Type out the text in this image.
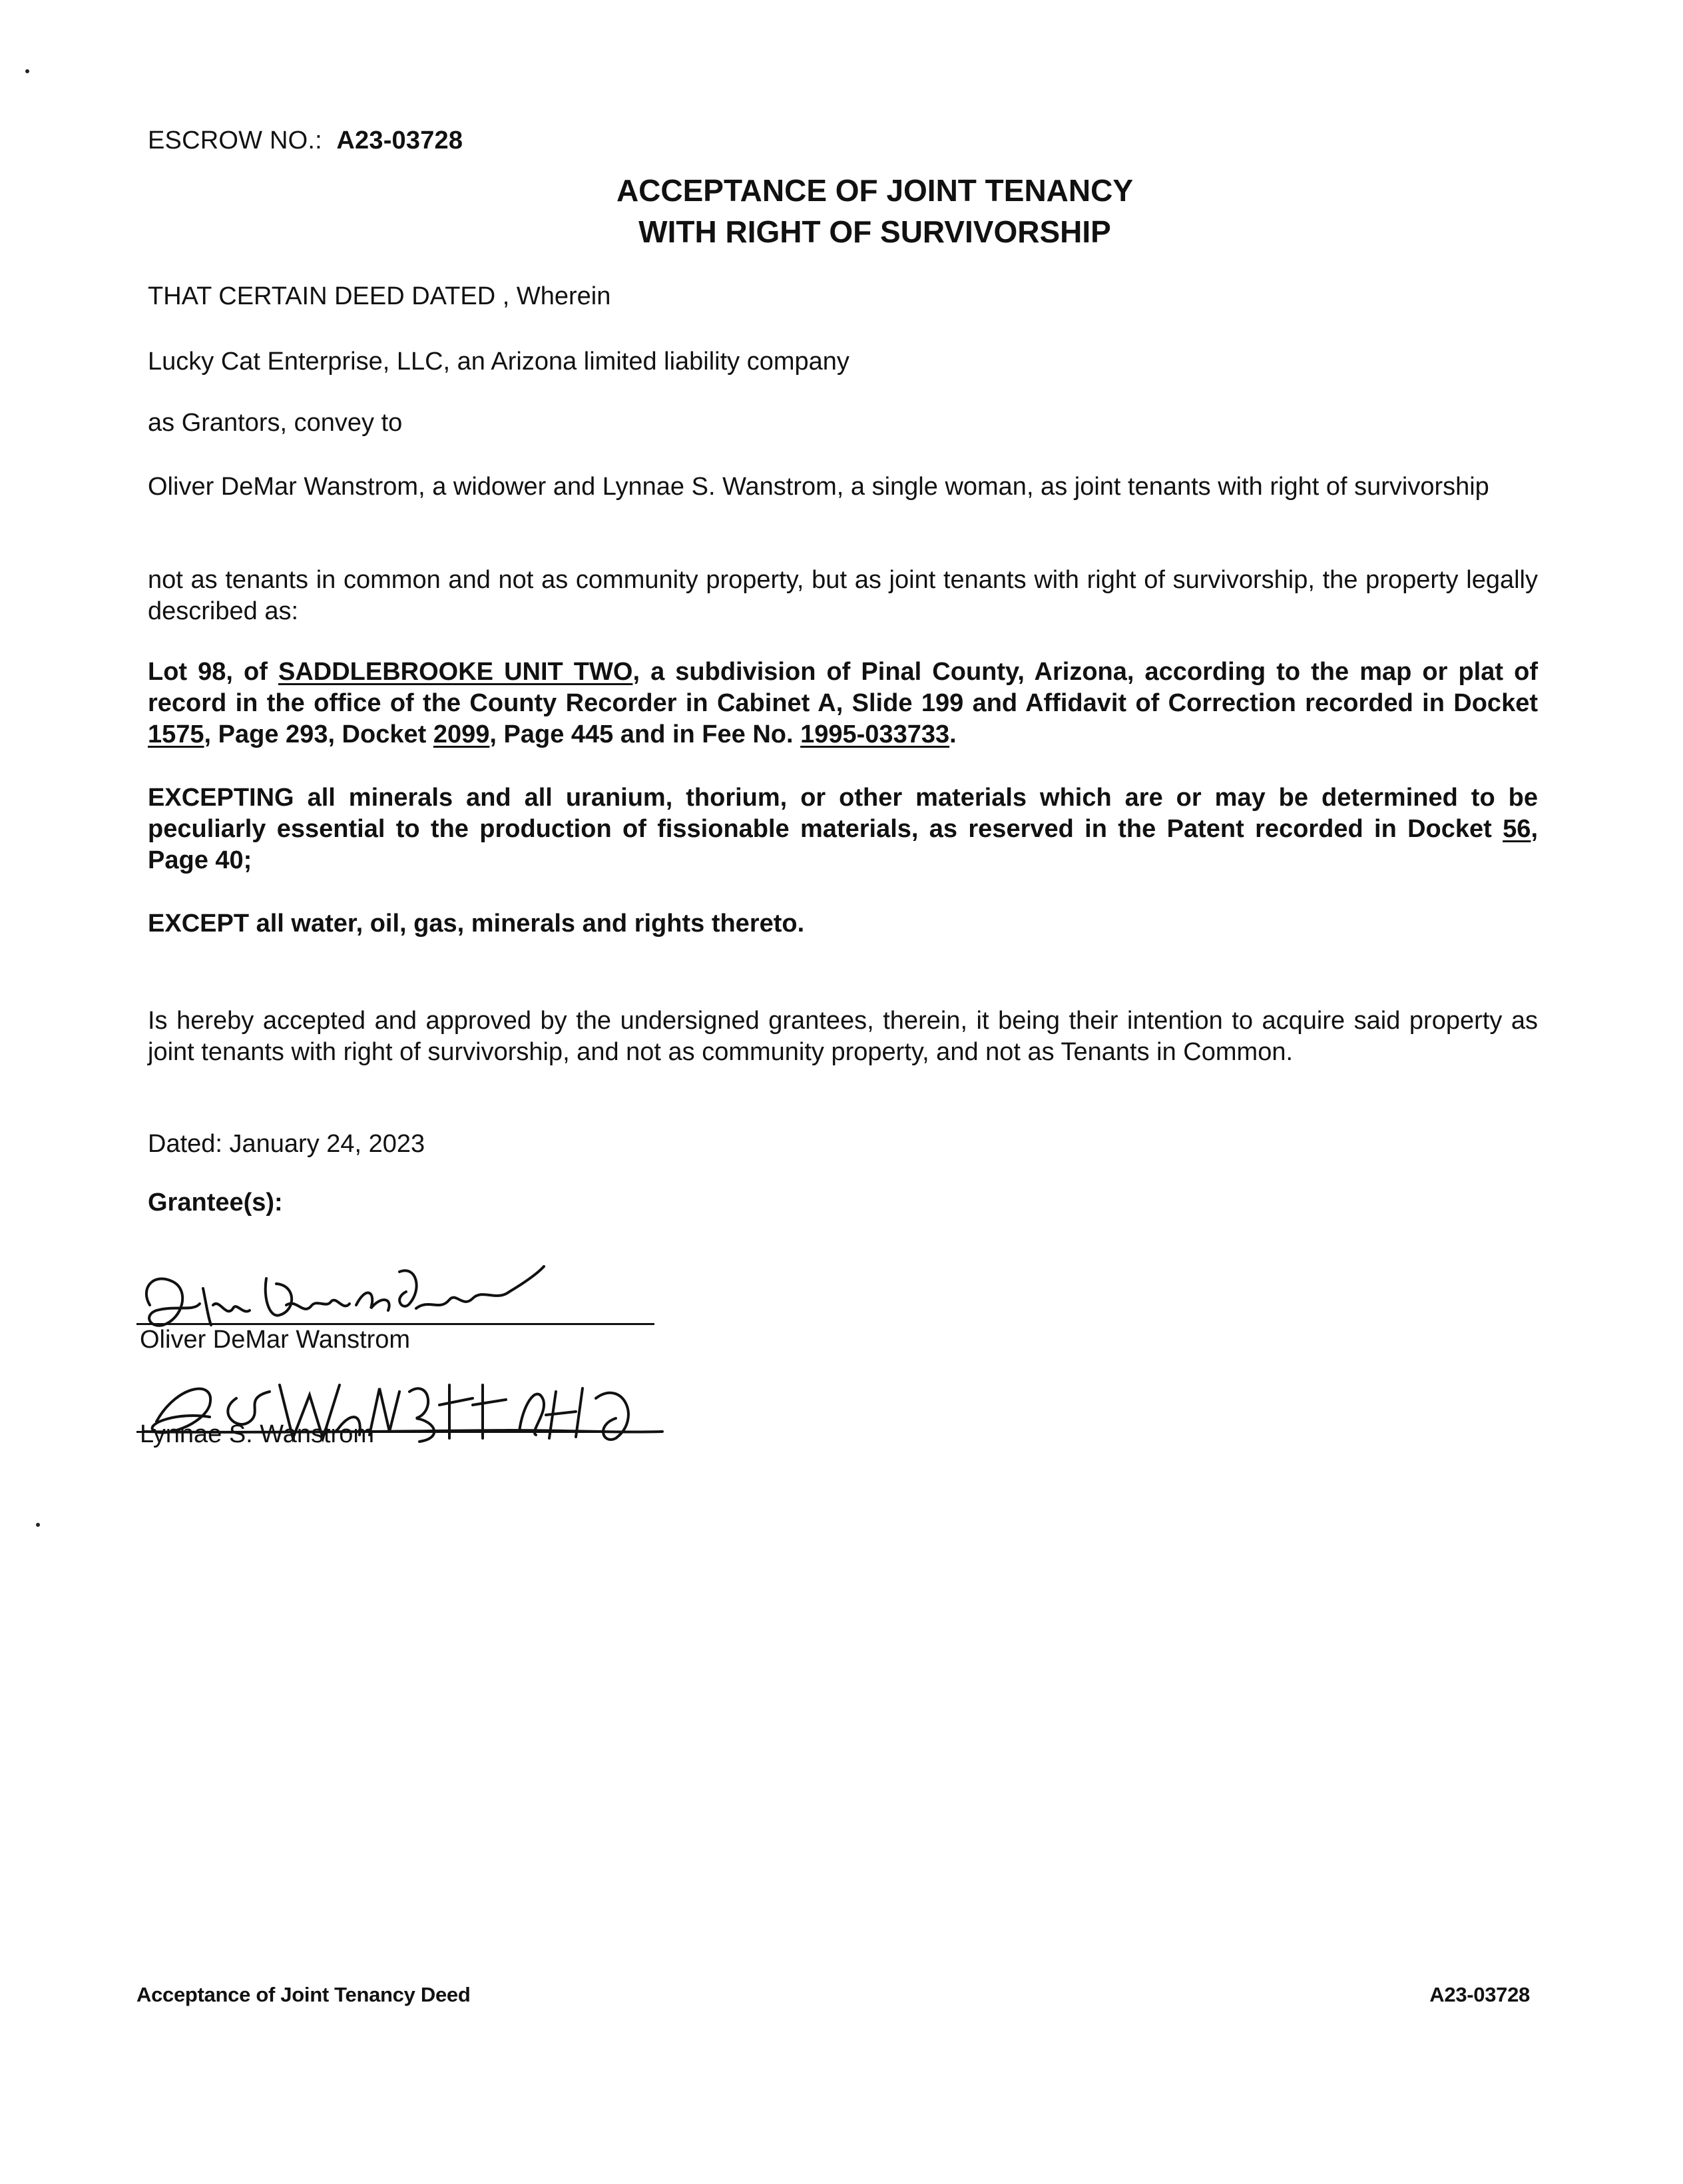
ESCROW NO.: A23-03728
ACCEPTANCE OF JOINT TENANCY
WITH RIGHT OF SURVIVORSHIP
THAT CERTAIN DEED DATED , Wherein
Lucky Cat Enterprise, LLC, an Arizona limited liability company
as Grantors, convey to
Oliver DeMar Wanstrom, a widower and Lynnae S. Wanstrom, a single woman, as joint tenants with right of survivorship
not as tenants in common and not as community property, but as joint tenants with right of survivorship, the property legally described as:
Lot 98, of SADDLEBROOKE UNIT TWO, a subdivision of Pinal County, Arizona, according to the map or plat of record in the office of the County Recorder in Cabinet A, Slide 199 and Affidavit of Correction recorded in Docket 1575, Page 293, Docket 2099, Page 445 and in Fee No. 1995-033733.
EXCEPTING all minerals and all uranium, thorium, or other materials which are or may be determined to be peculiarly essential to the production of fissionable materials, as reserved in the Patent recorded in Docket 56, Page 40;
EXCEPT all water, oil, gas, minerals and rights thereto.
Is hereby accepted and approved by the undersigned grantees, therein, it being their intention to acquire said property as joint tenants with right of survivorship, and not as community property, and not as Tenants in Common.
Dated: January 24, 2023
Grantee(s):
Oliver DeMar Wanstrom
Lynnae S. Wanstrom
Acceptance of Joint Tenancy Deed	A23-03728
